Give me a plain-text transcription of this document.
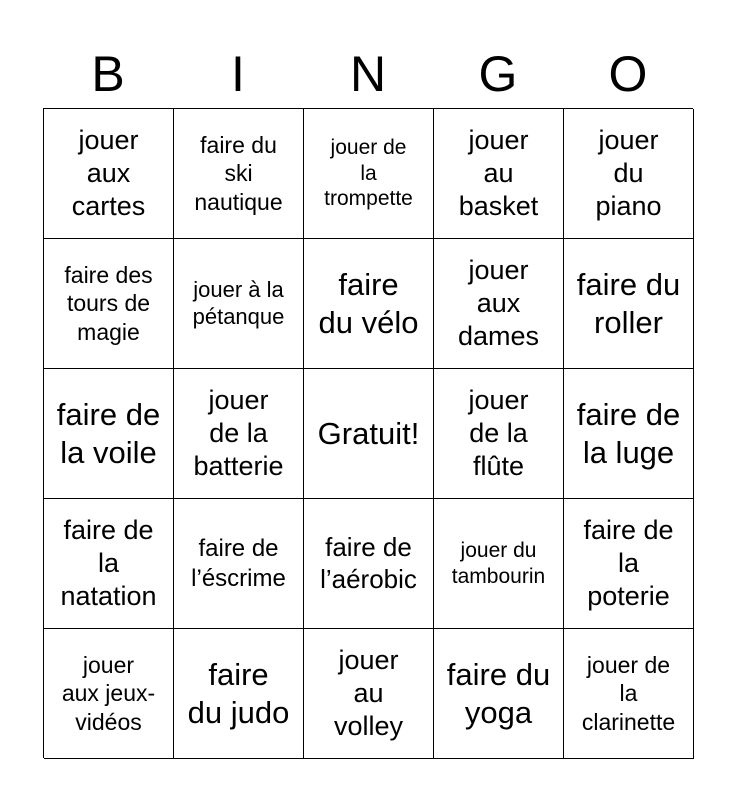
B	I	N	G	O
jouer
aux
cartes
faire du
ski
nautique
jouer de
la
trompette
jouer
au
basket
jouer
du
piano
faire des
tours de
magie
jouer à la
pétanque
faire
du vélo
jouer
aux
dames
faire du
roller
faire de
la voile
jouer
de la
batterie
Gratuit!
jouer
de la
flûte
faire de
la luge
faire de
la
natation
faire de
l’éscrime
faire de
l’aérobic
jouer du
tambourin
faire de
la
poterie
jouer
aux jeux-
vidéos
faire
du judo
jouer
au
volley
faire du
yoga
jouer de
la
clarinette
